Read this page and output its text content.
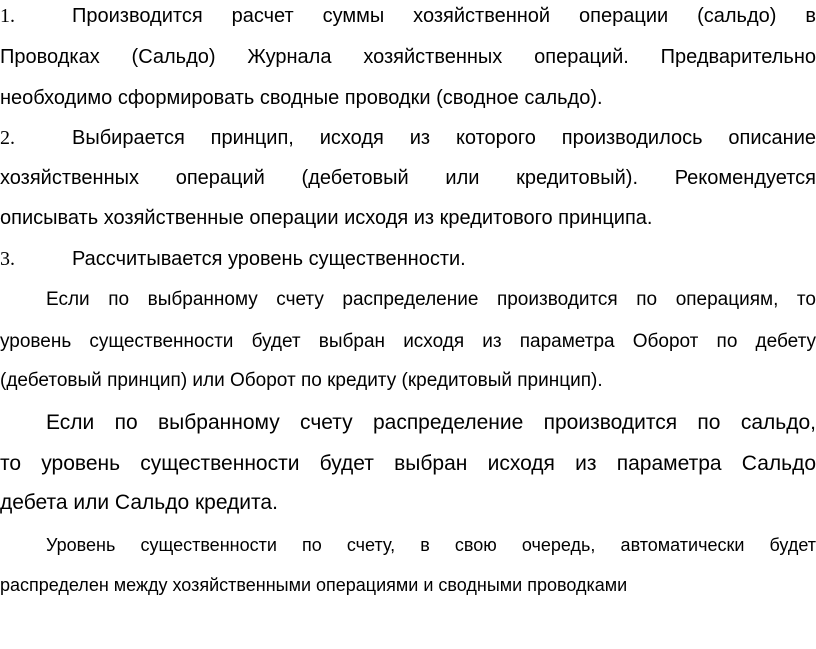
1.	Производится расчет суммы хозяйственной операции (сальдо) в
Проводках (Сальдо) Журнала хозяйственных операций. Предварительно
необходимо сформировать сводные проводки (сводное сальдо).
2.	Выбирается принцип, исходя из которого производилось описание
хозяйственных операций (дебетовый или кредитовый). Рекомендуется
описывать хозяйственные операции исходя из кредитового принципа.
3.	Рассчитывается уровень существенности.
Если по выбранному счету распределение производится по операциям, то
уровень существенности будет выбран исходя из параметра Оборот по дебету
(дебетовый принцип) или Оборот по кредиту (кредитовый принцип).
Если по выбранному счету распределение производится по сальдо,
то уровень существенности будет выбран исходя из параметра Сальдо
дебета или Сальдо кредита.
Уровень существенности по счету, в свою очередь, автоматически будет
распределен между хозяйственными операциями и сводными проводками
